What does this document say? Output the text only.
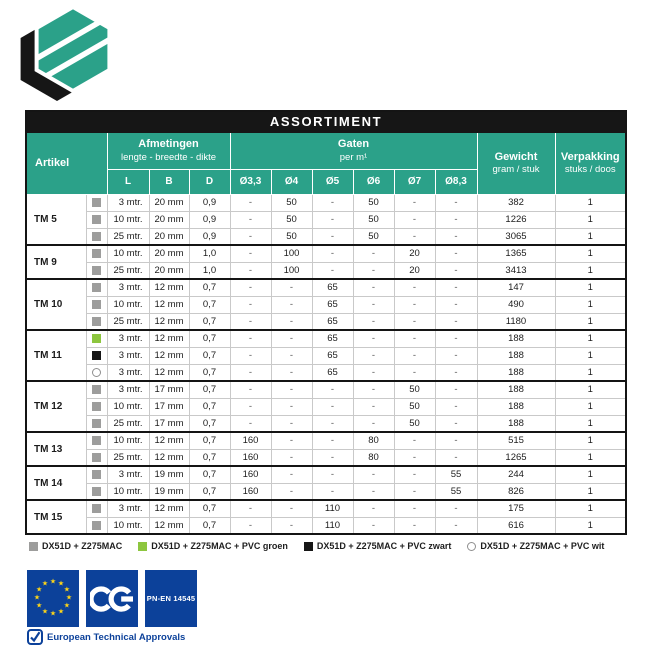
ASSORTIMENT												
Artikel	
Afmetingen
lengte - breedte - dikte

Gaten
per m¹	Gewicht
gram / stuk

Verpakking
stuks / doos

		L	B	D	Ø3,3	Ø4	Ø5	Ø6	Ø7	Ø8,3		
TM 5		3 mtr.	20 mm	0,9	-	50	-	50	-	-	382	1
		10 mtr.	20 mm	0,9	-	50	-	50	-	-	1226	1
		25 mtr.	20 mm	0,9	-	50	-	50	-	-	3065	1
TM 9		10 mtr.	20 mm	1,0	-	100	-	-	20	-	1365	1
		25 mtr.	20 mm	1,0	-	100	-	-	20	-	3413	1
TM 10		3 mtr.	12 mm	0,7	-	-	65	-	-	-	147	1
		10 mtr.	12 mm	0,7	-	-	65	-	-	-	490	1
		25 mtr.	12 mm	0,7	-	-	65	-	-	-	1180	1
TM 11		3 mtr.	12 mm	0,7	-	-	65	-	-	-	188	1
		3 mtr.	12 mm	0,7	-	-	65	-	-	-	188	1
		3 mtr.	12 mm	0,7	-	-	65	-	-	-	188	1
TM 12		3 mtr.	17 mm	0,7	-	-	-	-	50	-	188	1
		10 mtr.	17 mm	0,7	-	-	-	-	50	-	188	1
		25 mtr.	17 mm	0,7	-	-	-	-	50	-	188	1
TM 13		10 mtr.	12 mm	0,7	160	-	-	80	-	-	515	1
		25 mtr.	12 mm	0,7	160	-	-	80	-	-	1265	1
TM 14		3 mtr.	19 mm	0,7	160	-	-	-	-	55	244	1
		10 mtr.	19 mm	0,7	160	-	-	-	-	55	826	1
TM 15		3 mtr.	12 mm	0,7	-	-	110	-	-	-	175	1
		10 mtr.	12 mm	0,7	-	-	110	-	-	-	616	1
DX51D + Z275MAC	DX51D + Z275MAC + PVC groen	DX51D + Z275MAC + PVC zwart	DX51D + Z275MAC + PVC wit
★ ★
★
★
★
★
★
★
★
★
★
★
PN-EN 14545
European Technical Approvals
